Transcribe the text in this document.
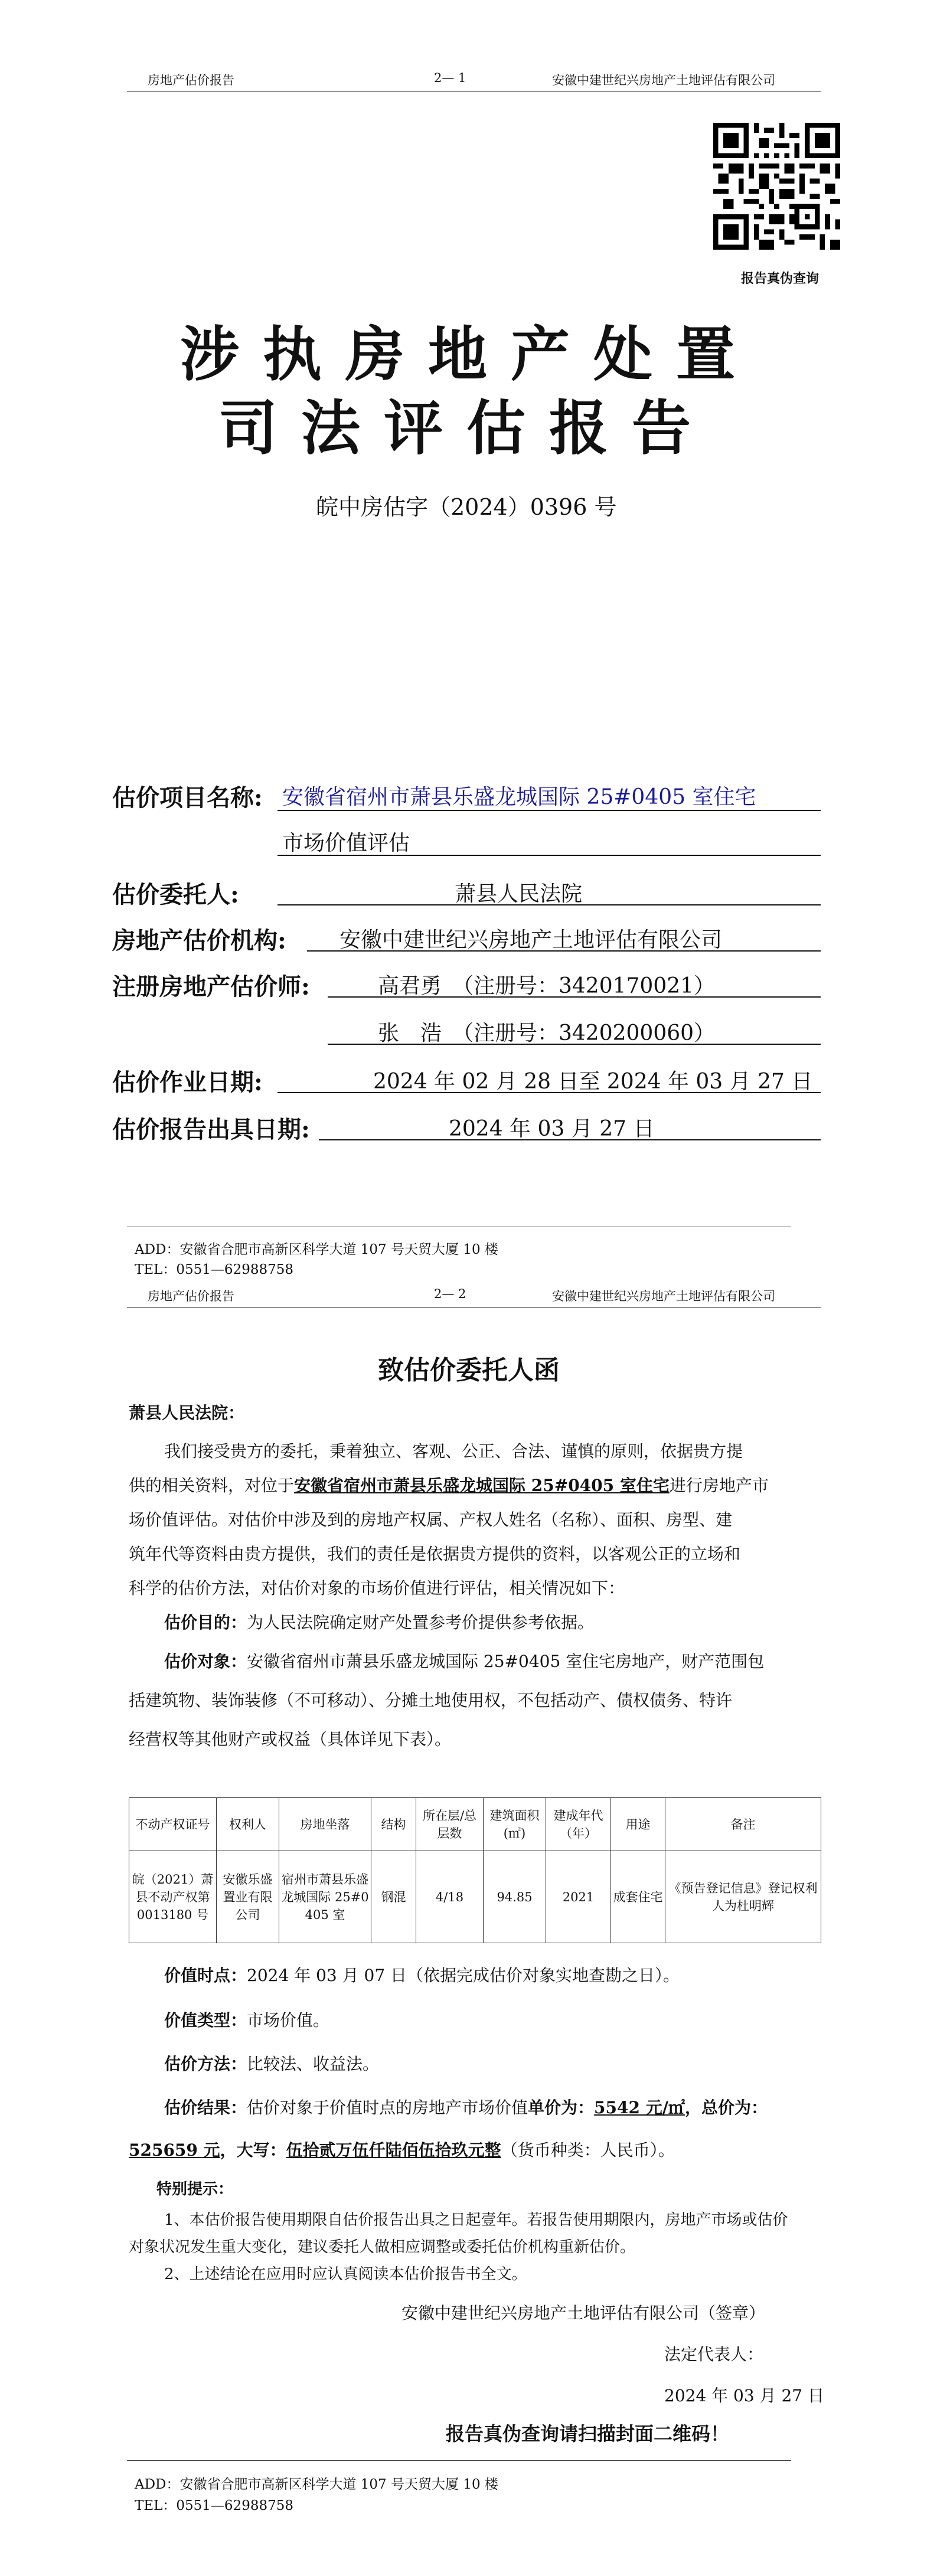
房地产估价报告	2— 1	安徽中建世纪兴房地产土地评估有限公司
报告真伪查询
涉执房地产处置
司法评估报告
皖中房估字（2024）0396 号
估价项目名称: 安徽省宿州市萧县乐盛龙城国际 25#0405 室住宅
市场价值评估
估价委托人:	萧县人民法院
房地产估价机构:	安徽中建世纪兴房地产土地评估有限公司
注册房地产估价师:	高君勇　（注册号：3420170021）
张　浩　（注册号：3420200060）
估价作业日期:	2024 年 02 月 28 日至 2024 年 03 月 27 日
估价报告出具日期:	2024 年 03 月 27 日
ADD：安徽省合肥市高新区科学大道 107 号天贸大厦 10 楼
TEL：0551—62988758
房地产估价报告	2— 2	安徽中建世纪兴房地产土地评估有限公司
致估价委托人函
萧县人民法院：
我们接受贵方的委托，秉着独立、客观、公正、合法、谨慎的原则，依据贵方提
供的相关资料，对位于安徽省宿州市萧县乐盛龙城国际 25#0405 室住宅进行房地产市
场价值评估。对估价中涉及到的房地产权属、产权人姓名（名称）、面积、房型、建
筑年代等资料由贵方提供，我们的责任是依据贵方提供的资料，以客观公正的立场和
科学的估价方法，对估价对象的市场价值进行评估，相关情况如下：
估价目的：为人民法院确定财产处置参考价提供参考依据。
估价对象：安徽省宿州市萧县乐盛龙城国际 25#0405 室住宅房地产，财产范围包
括建筑物、装饰装修（不可移动）、分摊土地使用权，不包括动产、债权债务、特许
经营权等其他财产或权益（具体详见下表）。
不动产权证号	权利人	房地坐落	结构	所在层/总层数	建筑面积(㎡)	建成年代（年）	用途	备注
皖（2021）萧县不动产权第 0013180 号	安徽乐盛置业有限公司	宿州市萧县乐盛龙城国际 25#0405 室	钢混	4/18	94.85	2021	成套住宅	《预告登记信息》登记权利人为杜明辉
价值时点：2024 年 03 月 07 日（依据完成估价对象实地查勘之日）。
价值类型：市场价值。
估价方法：比较法、收益法。
估价结果：估价对象于价值时点的房地产市场价值单价为：5542 元/㎡，总价为：
525659 元，大写：伍拾贰万伍仟陆佰伍拾玖元整（货币种类：人民币）。
特别提示：
1、本估价报告使用期限自估价报告出具之日起壹年。若报告使用期限内，房地产市场或估价
对象状况发生重大变化，建议委托人做相应调整或委托估价机构重新估价。
2、上述结论在应用时应认真阅读本估价报告书全文。
安徽中建世纪兴房地产土地评估有限公司（签章）
法定代表人：
2024 年 03 月 27 日
报告真伪查询请扫描封面二维码！
ADD：安徽省合肥市高新区科学大道 107 号天贸大厦 10 楼
TEL：0551—62988758
